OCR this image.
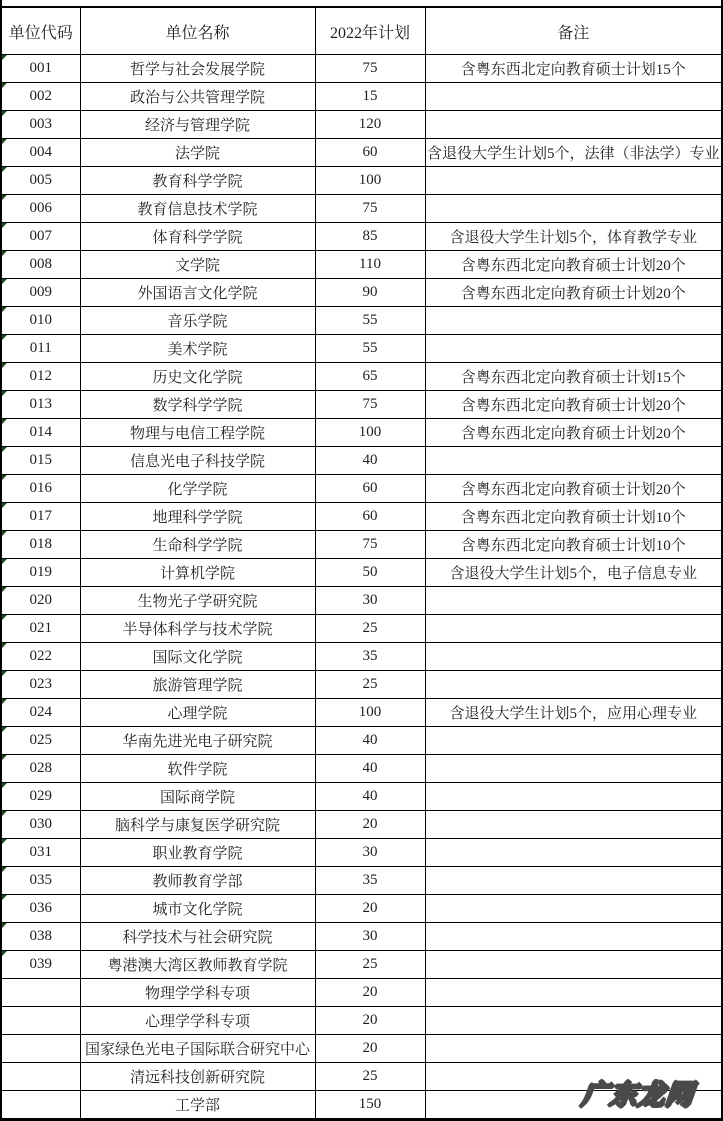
单位代码	单位名称	2022年计划	备注

001	哲学与社会发展学院	75	含粤东西北定向教育硕士计划15个

002	政治与公共管理学院	15	

003	经济与管理学院	120	

004	法学院	60	含退役大学生计划5个，法律（非法学）专业

005	教育科学学院	100	

006	教育信息技术学院	75	

007	体育科学学院	85	含退役大学生计划5个，体育教学专业

008	文学院	110	含粤东西北定向教育硕士计划20个

009	外国语言文化学院	90	含粤东西北定向教育硕士计划20个

010	音乐学院	55	

011	美术学院	55	

012	历史文化学院	65	含粤东西北定向教育硕士计划15个

013	数学科学学院	75	含粤东西北定向教育硕士计划20个

014	物理与电信工程学院	100	含粤东西北定向教育硕士计划20个

015	信息光电子科技学院	40	

016	化学学院	60	含粤东西北定向教育硕士计划20个

017	地理科学学院	60	含粤东西北定向教育硕士计划10个

018	生命科学学院	75	含粤东西北定向教育硕士计划10个

019	计算机学院	50	含退役大学生计划5个，电子信息专业

020	生物光子学研究院	30	

021	半导体科学与技术学院	25	

022	国际文化学院	35	

023	旅游管理学院	25	

024	心理学院	100	含退役大学生计划5个，应用心理专业

025	华南先进光电子研究院	40	

028	软件学院	40	

029	国际商学院	40	

030	脑科学与康复医学研究院	20	

031	职业教育学院	30	

035	教师教育学部	35	

036	城市文化学院	20	

038	科学技术与社会研究院	30	

039	粤港澳大湾区教师教育学院	25	
	物理学学科专项	20	
	心理学学科专项	20	
	国家绿色光电子国际联合研究中心	20	
	清远科技创新研究院	25	
	工学部	150		广东龙网
